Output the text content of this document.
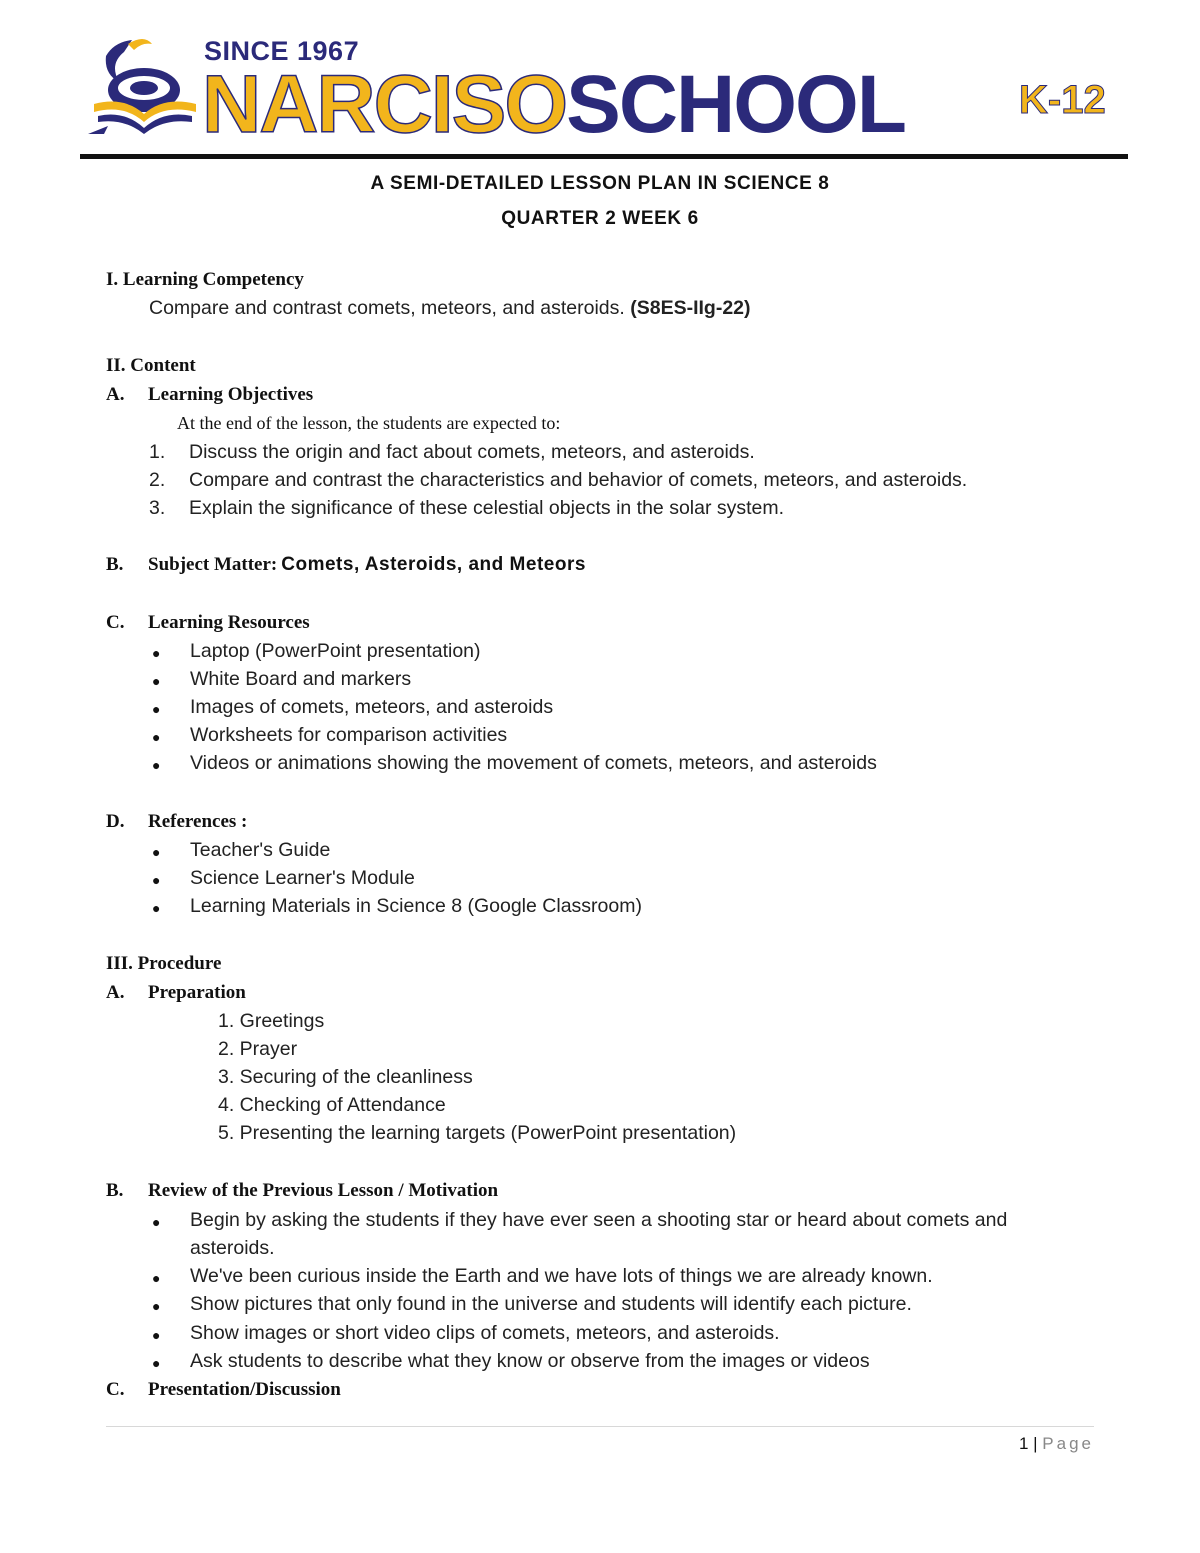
SINCE 1967
NARCISOSCHOOL	K-12
A SEMI-DETAILED LESSON PLAN IN SCIENCE 8
QUARTER 2 WEEK 6
I. Learning Competency
Compare and contrast comets, meteors, and asteroids. (S8ES-IIg-22)
II. Content
A. Learning Objectives
At the end of the lesson, the students are expected to:
1. Discuss the origin and fact about comets, meteors, and asteroids.
2. Compare and contrast the characteristics and behavior of comets, meteors, and asteroids.
3. Explain the significance of these celestial objects in the solar system.
B. Subject Matter: Comets, Asteroids, and Meteors
C. Learning Resources
● Laptop (PowerPoint presentation)
● White Board and markers
● Images of comets, meteors, and asteroids
● Worksheets for comparison activities
● Videos or animations showing the movement of comets, meteors, and asteroids
D. References :
● Teacher's Guide
● Science Learner's Module
● Learning Materials in Science 8 (Google Classroom)
III. Procedure
A. Preparation
1. Greetings
2. Prayer
3. Securing of the cleanliness
4. Checking of Attendance
5. Presenting the learning targets (PowerPoint presentation)
B. Review of the Previous Lesson / Motivation
● Begin by asking the students if they have ever seen a shooting star or heard about comets and
asteroids.
● We've been curious inside the Earth and we have lots of things we are already known.
● Show pictures that only found in the universe and students will identify each picture.
● Show images or short video clips of comets, meteors, and asteroids.
● Ask students to describe what they know or observe from the images or videos
C. Presentation/Discussion
1 | Page
